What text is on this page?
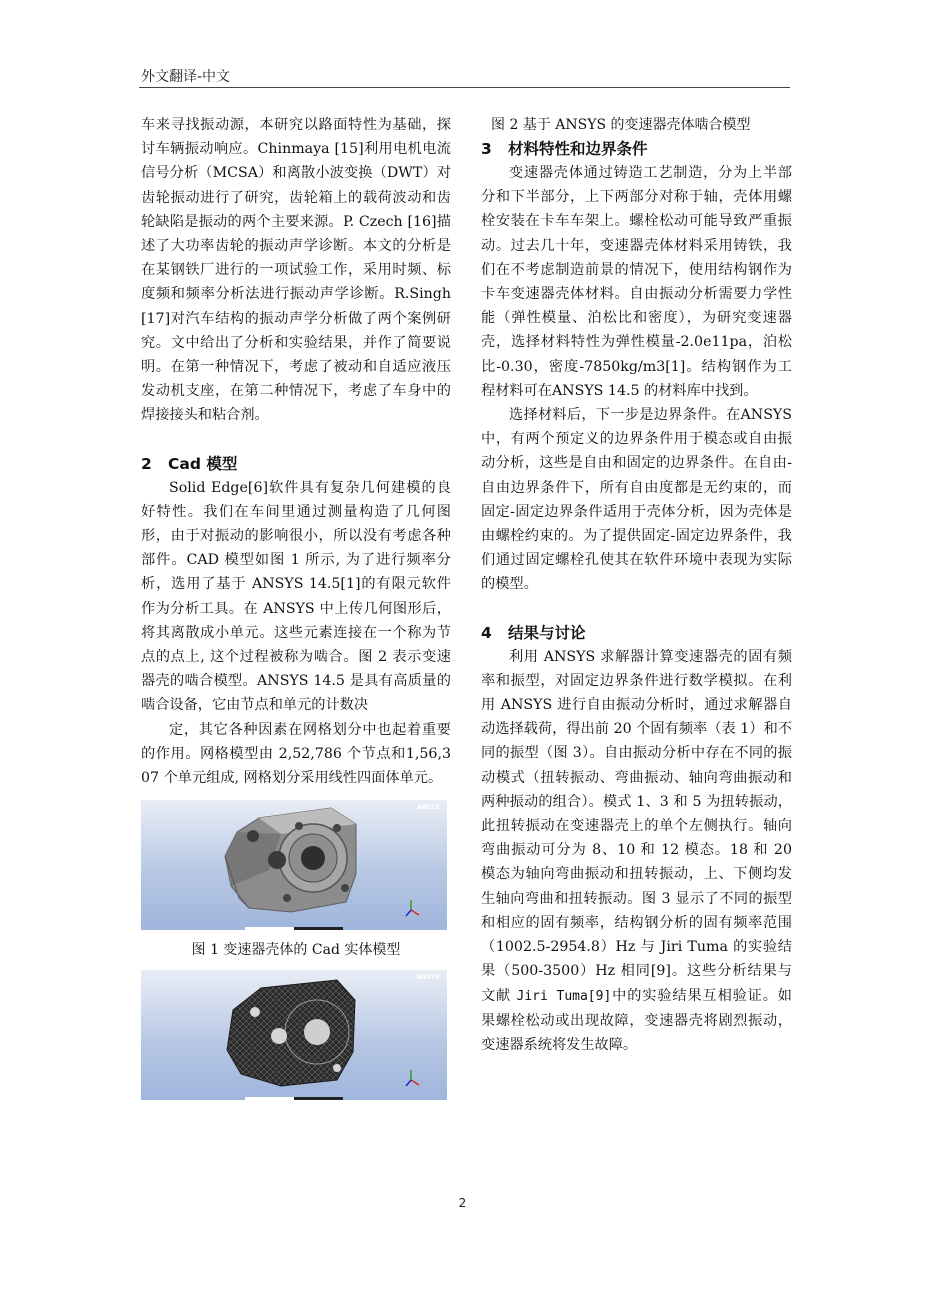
外文翻译-中文

车来寻找振动源，本研究以路面特性为基础，探讨车辆振动响应。Chinmaya [15]利用电机电流信号分析（MCSA）和离散小波变换（DWT）对齿轮振动进行了研究，齿轮箱上的载荷波动和齿轮缺陷是振动的两个主要来源。P. Czech [16]描述了大功率齿轮的振动声学诊断。本文的分析是在某钢铁厂进行的一项试验工作，采用时频、标度频和频率分析法进行振动声学诊断。R.Singh[17]对汽车结构的振动声学分析做了两个案例研究。文中给出了分析和实验结果，并作了简要说明。在第一种情况下，考虑了被动和自适应液压发动机支座，在第二种情况下，考虑了车身中的焊接接头和粘合剂。

2 Cad 模型

Solid Edge[6]软件具有复杂几何建模的良好特性。我们在车间里通过测量构造了几何图形，由于对振动的影响很小，所以没有考虑各种部件。CAD 模型如图 1 所示, 为了进行频率分析，选用了基于 ANSYS 14.5[1]的有限元软件作为分析工具。在 ANSYS 中上传几何图形后，将其离散成小单元。这些元素连接在一个称为节点的点上, 这个过程被称为啮合。图 2 表示变速器壳的啮合模型。ANSYS 14.5 是具有高质量的啮合设备，它由节点和单元的计数决

定，其它各种因素在网格划分中也起着重要的作用。网格模型由 2,52,786 个节点和1,56,307 个单元组成, 网格划分采用线性四面体单元。

ANSYS

图 1 变速器壳体的 Cad 实体模型

ANSYS

图 2 基于 ANSYS 的变速器壳体啮合模型

3 材料特性和边界条件

变速器壳体通过铸造工艺制造，分为上半部分和下半部分，上下两部分对称于轴，壳体用螺栓安装在卡车车架上。螺栓松动可能导致严重振动。过去几十年，变速器壳体材料采用铸铁，我们在不考虑制造前景的情况下，使用结构钢作为卡车变速器壳体材料。自由振动分析需要力学性能（弹性模量、泊松比和密度），为研究变速器壳，选择材料特性为弹性模量-2.0e11pa，泊松比-0.30，密度-7850kg/m3[1]。结构钢作为工程材料可在ANSYS 14.5 的材料库中找到。

选择材料后，下一步是边界条件。在ANSYS 中，有两个预定义的边界条件用于模态或自由振动分析，这些是自由和固定的边界条件。在自由-自由边界条件下，所有自由度都是无约束的，而固定-固定边界条件适用于壳体分析，因为壳体是由螺栓约束的。为了提供固定-固定边界条件，我们通过固定螺栓孔使其在软件环境中表现为实际的模型。

4 结果与讨论

利用 ANSYS 求解器计算变速器壳的固有频率和振型，对固定边界条件进行数学模拟。在利用 ANSYS 进行自由振动分析时，通过求解器自动选择载荷，得出前 20 个固有频率（表 1）和不同的振型（图 3）。自由振动分析中存在不同的振动模式（扭转振动、弯曲振动、轴向弯曲振动和两种振动的组合）。模式 1、3 和 5 为扭转振动，此扭转振动在变速器壳上的单个左侧执行。轴向弯曲振动可分为 8、10 和 12 模态。18 和 20 模态为轴向弯曲振动和扭转振动，上、下侧均发生轴向弯曲和扭转振动。图 3 显示了不同的振型和相应的固有频率，结构钢分析的固有频率范围（1002.5-2954.8）Hz 与 Jiri Tuma 的实验结果（500-3500）Hz 相同[9]。这些分析结果与文献 Jiri Tuma[9]中的实验结果互相验证。如果螺栓松动或出现故障，变速器壳将剧烈振动，变速器系统将发生故障。

2
